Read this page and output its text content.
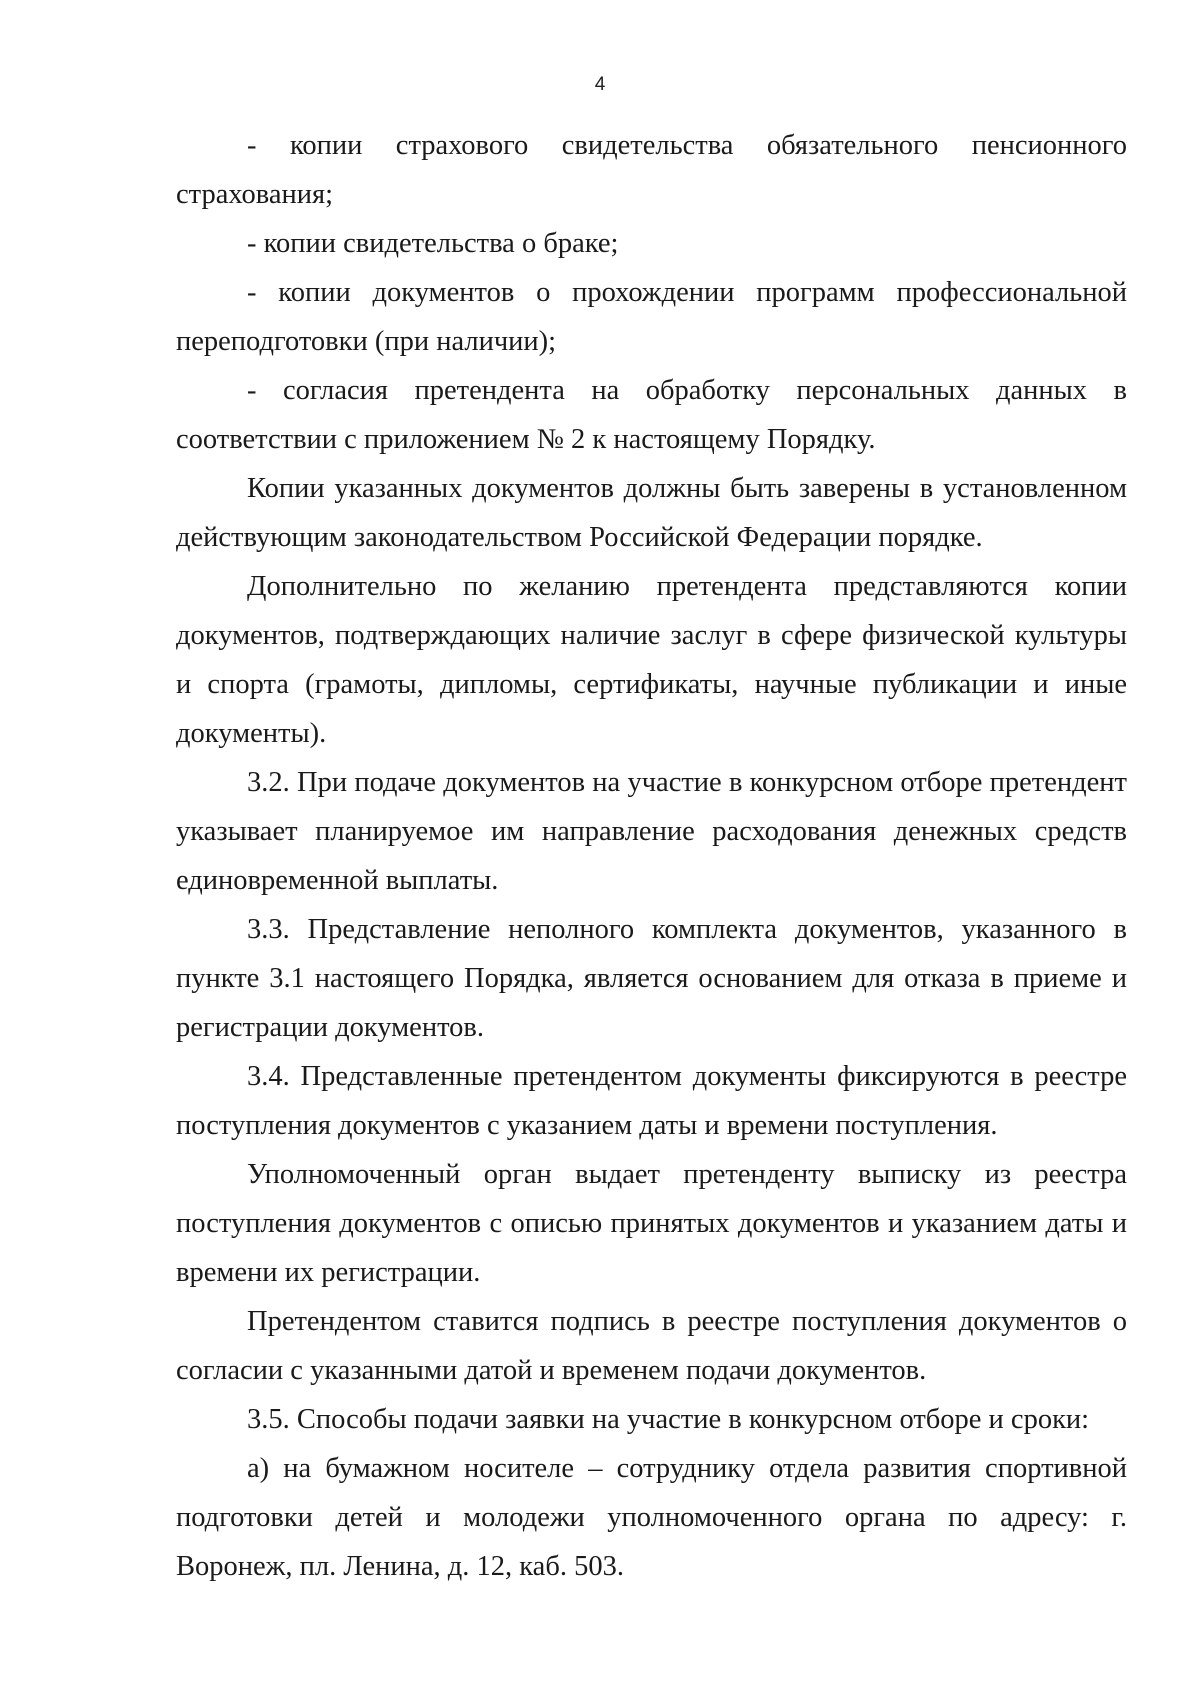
4

- копии страхового свидетельства обязательного пенсионного страхования;

- копии свидетельства о браке;

- копии документов о прохождении программ профессиональной переподготовки (при наличии);

- согласия претендента на обработку персональных данных в соответствии с приложением № 2 к настоящему Порядку.

Копии указанных документов должны быть заверены в установленном действующим законодательством Российской Федерации порядке.

Дополнительно по желанию претендента представляются копии документов, подтверждающих наличие заслуг в сфере физической культуры и спорта (грамоты, дипломы, сертификаты, научные публикации и иные документы).

3.2. При подаче документов на участие в конкурсном отборе претендент указывает планируемое им направление расходования денежных средств единовременной выплаты.

3.3. Представление неполного комплекта документов, указанного в пункте 3.1 настоящего Порядка, является основанием для отказа в приеме и регистрации документов.

3.4. Представленные претендентом документы фиксируются в реестре поступления документов с указанием даты и времени поступления.

Уполномоченный орган выдает претенденту выписку из реестра поступления документов с описью принятых документов и указанием даты и времени их регистрации.

Претендентом ставится подпись в реестре поступления документов о согласии с указанными датой и временем подачи документов.

3.5. Способы подачи заявки на участие в конкурсном отборе и сроки:

а) на бумажном носителе – сотруднику отдела развития спортивной подготовки детей и молодежи уполномоченного органа по адресу: г. Воронеж, пл. Ленина, д. 12, каб. 503.
